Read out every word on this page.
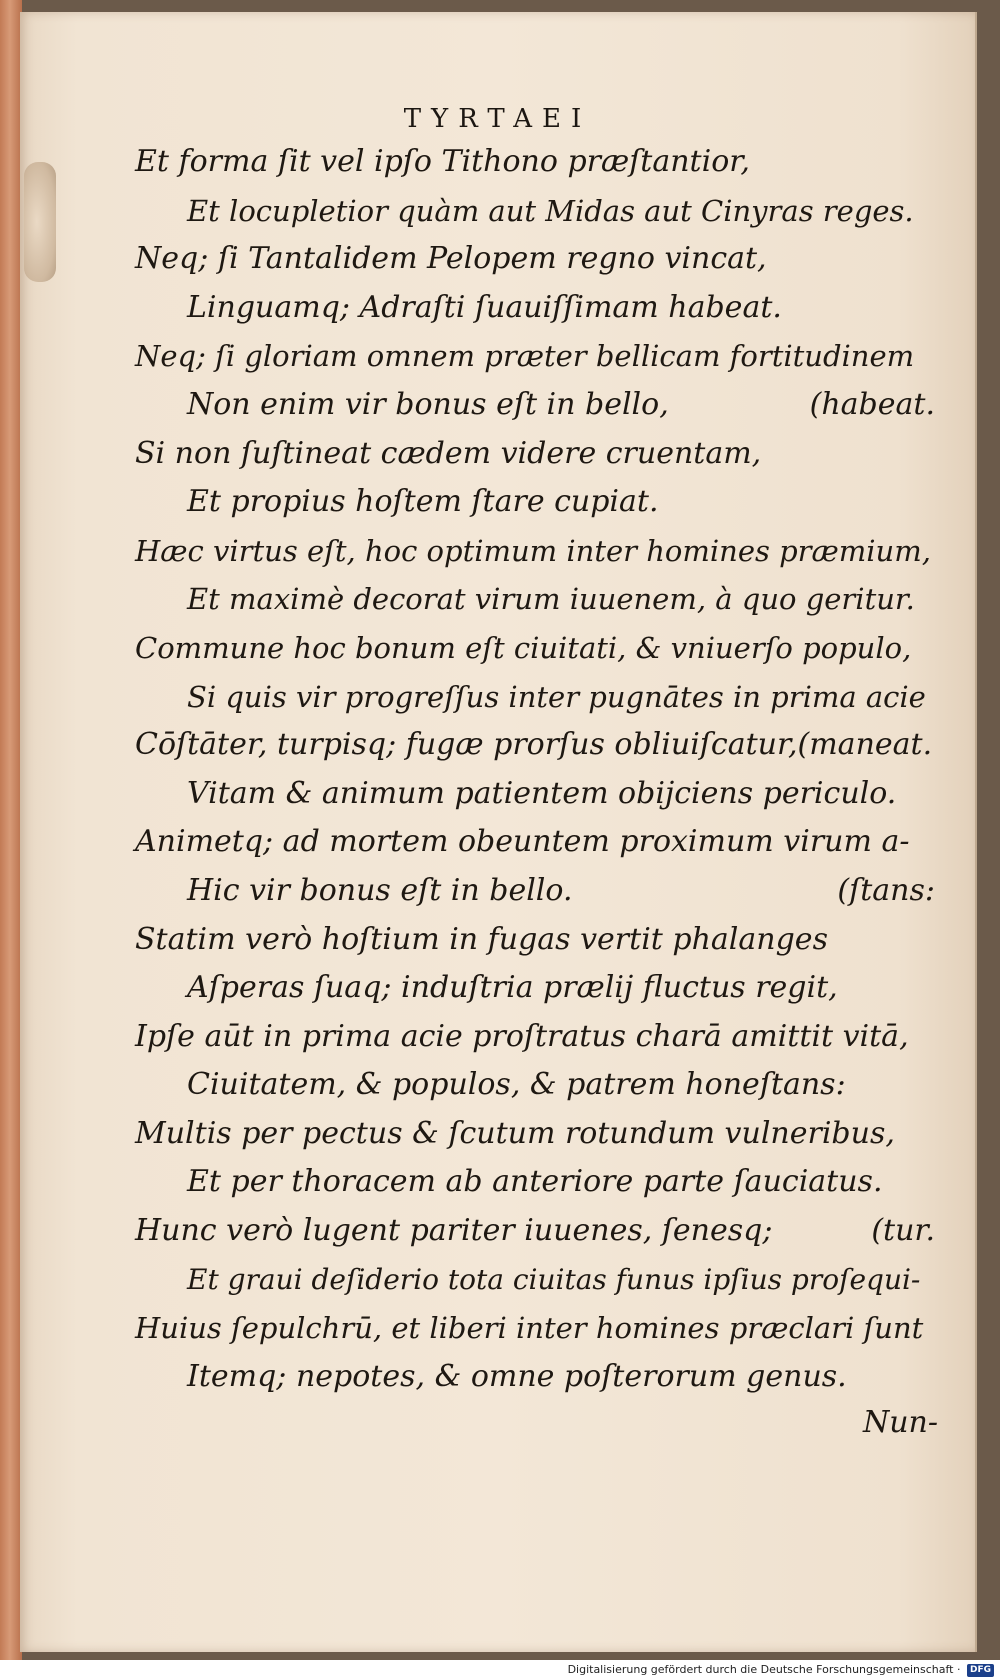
TYRTAEI
Et forma ſit vel ipſo Tithono præſtantior,
Et locupletior quàm aut Midas aut Cinyras reges.
Neq; ſi Tantalidem Pelopem regno vincat,
Linguamq; Adraſti ſuauiſſimam habeat.
Neq; ſi gloriam omnem præter bellicam fortitudinem
Non enim vir bonus eſt in bello,	(habeat.
Si non ſuſtineat cædem videre cruentam,
Et propius hoſtem ſtare cupiat.
Hæc virtus eſt, hoc optimum inter homines præmium,
Et maximè decorat virum iuuenem, à quo geritur.
Commune hoc bonum eſt ciuitati, & vniuerſo populo,
Si quis vir progreſſus inter pugnātes in prima acie
Cōſtāter, turpisq; fugæ prorſus obliuiſcatur,(maneat.
Vitam & animum patientem obijciens periculo.
Animetq; ad mortem obeuntem proximum virum a-
Hic vir bonus eſt in bello.	(ſtans:
Statim verò hoſtium in fugas vertit phalanges
Aſperas ſuaq; induſtria prælij fluctus regit,
Ipſe aūt in prima acie proſtratus charā amittit vitā,
Ciuitatem, & populos, & patrem honeſtans:
Multis per pectus & ſcutum rotundum vulneribus,
Et per thoracem ab anteriore parte ſauciatus.
Hunc verò lugent pariter iuuenes, ſenesq;	(tur.
Et graui deſiderio tota ciuitas funus ipſius proſequi-
Huius ſepulchrū, et liberi inter homines præclari ſunt
Itemq; nepotes, & omne poſterorum genus.
Nun-
Digitalisierung gefördert durch die Deutsche Forschungsgemeinschaft · DFG
